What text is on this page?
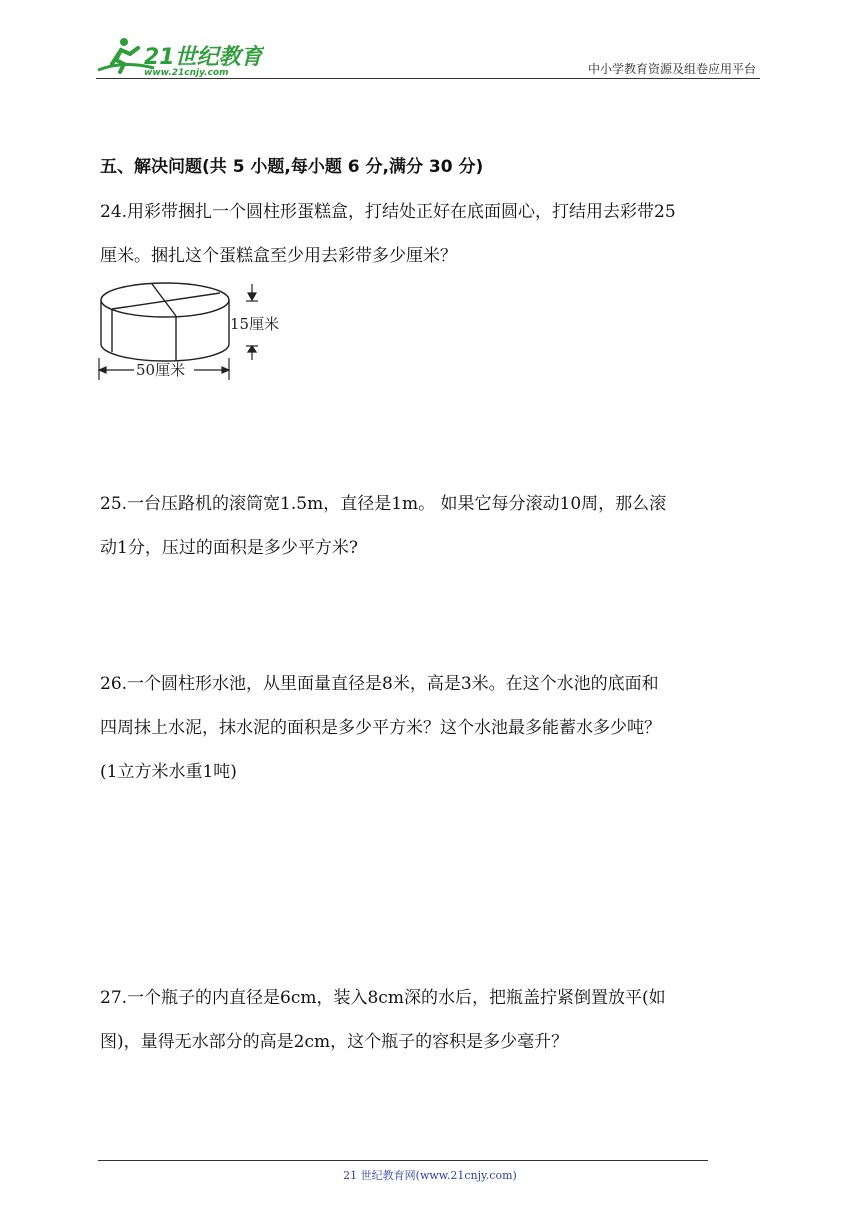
21世纪教育
www.21cnjy.com	中小学教育资源及组卷应用平台
五、解决问题(共 5 小题,每小题 6 分,满分 30 分)

24.用彩带捆扎一个圆柱形蛋糕盒，打结处正好在底面圆心，打结用去彩带25

厘米。捆扎这个蛋糕盒至少用去彩带多少厘米？

15厘米
50厘米

25.一台压路机的滚筒宽1.5m，直径是1m。 如果它每分滚动10周，那么滚

动1分，压过的面积是多少平方米?

26.一个圆柱形水池，从里面量直径是8米，高是3米。在这个水池的底面和

四周抹上水泥，抹水泥的面积是多少平方米？这个水池最多能蓄水多少吨？

(1立方米水重1吨)

27.一个瓶子的内直径是6cm，装入8cm深的水后，把瓶盖拧紧倒置放平(如

图)，量得无水部分的高是2cm，这个瓶子的容积是多少毫升？

21 世纪教育网(www.21cnjy.com)
